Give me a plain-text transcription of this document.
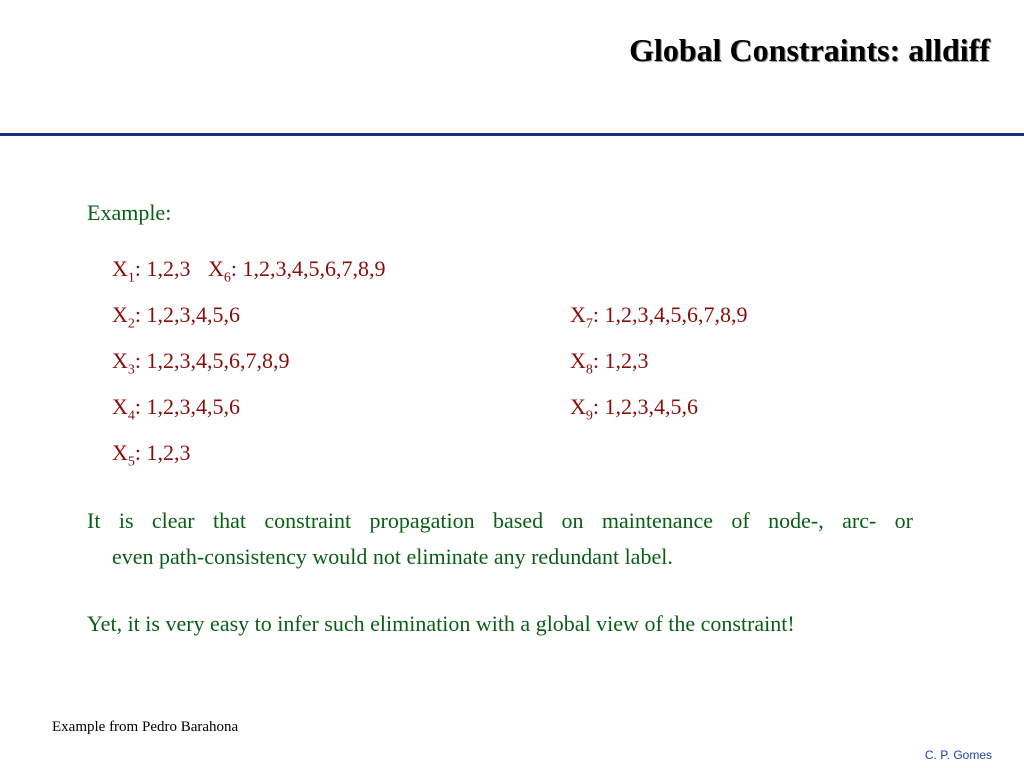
Global Constraints: alldiff
Example:
$X_1$: 1,2,3 $X_6$: 1,2,3,4,5,6,7,8,9
$X_2$: 1,2,3,4,5,6	$X_7$: 1,2,3,4,5,6,7,8,9
$X_3$: 1,2,3,4,5,6,7,8,9	$X_8$: 1,2,3
$X_4$: 1,2,3,4,5,6	$X_9$: 1,2,3,4,5,6
$X_5$: 1,2,3
It is clear that constraint propagation based on maintenance of node-, arc- or
even path-consistency would not eliminate any redundant label.
Yet, it is very easy to infer such elimination with a global view of the constraint!
Example from Pedro Barahona
C. P. Gomes
